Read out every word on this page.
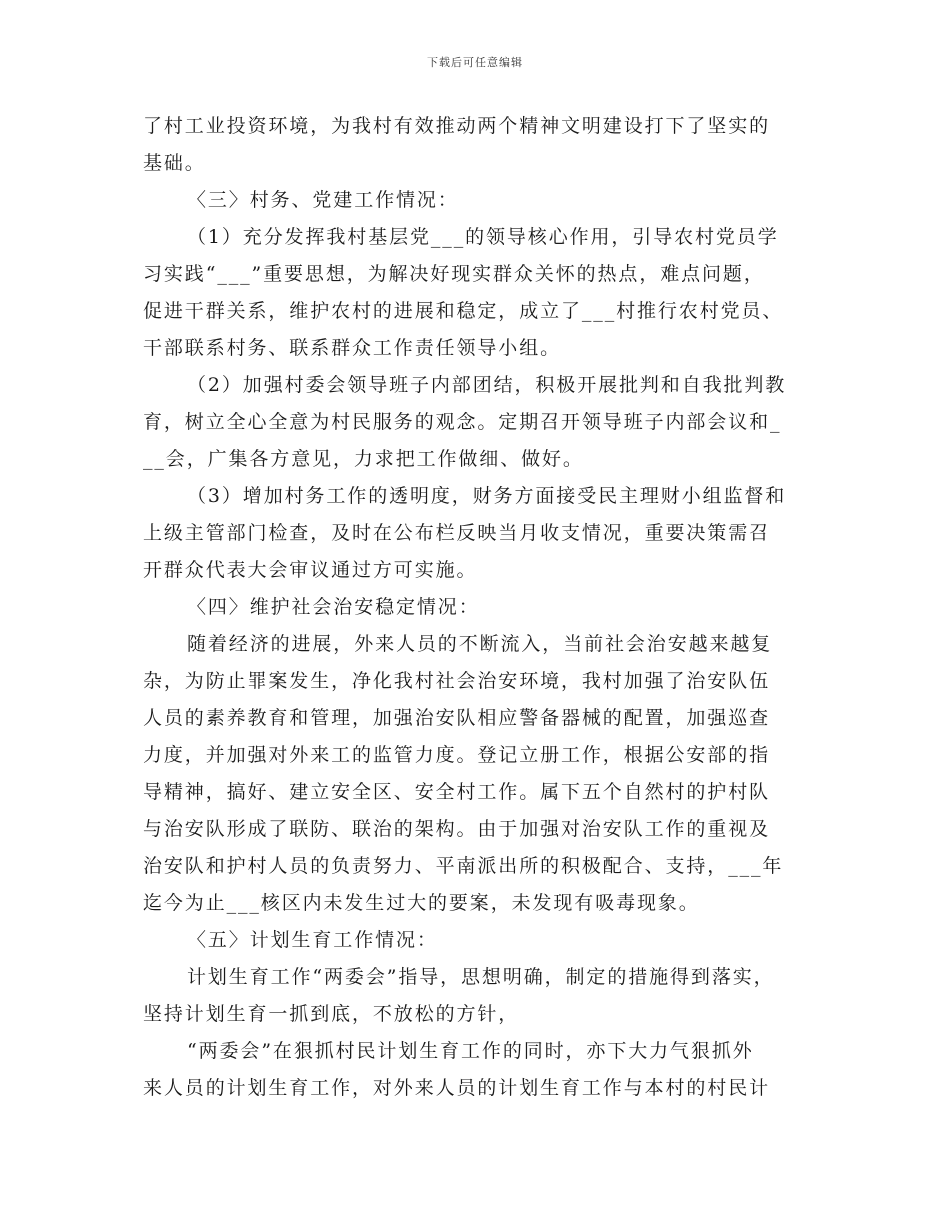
下载后可任意编辑
了村工业投资环境，为我村有效推动两个精神文明建设打下了坚实的
基础。
〈三〉村务、党建工作情况：
（1）充分发挥我村基层党___的领导核心作用，引导农村党员学
习实践“___”重要思想，为解决好现实群众关怀的热点，难点问题，
促进干群关系，维护农村的进展和稳定，成立了___村推行农村党员、
干部联系村务、联系群众工作责任领导小组。
（2）加强村委会领导班子内部团结，积极开展批判和自我批判教
育，树立全心全意为村民服务的观念。定期召开领导班子内部会议和_
__会，广集各方意见，力求把工作做细、做好。
（3）增加村务工作的透明度，财务方面接受民主理财小组监督和
上级主管部门检查，及时在公布栏反映当月收支情况，重要决策需召
开群众代表大会审议通过方可实施。
〈四〉维护社会治安稳定情况：
随着经济的进展，外来人员的不断流入，当前社会治安越来越复
杂，为防止罪案发生，净化我村社会治安环境，我村加强了治安队伍
人员的素养教育和管理，加强治安队相应警备器械的配置，加强巡查
力度，并加强对外来工的监管力度。登记立册工作，根据公安部的指
导精神，搞好、建立安全区、安全村工作。属下五个自然村的护村队
与治安队形成了联防、联治的架构。由于加强对治安队工作的重视及
治安队和护村人员的负责努力、平南派出所的积极配合、支持，___年
迄今为止___核区内未发生过大的要案，未发现有吸毒现象。
〈五〉计划生育工作情况：
计划生育工作“两委会”指导，思想明确，制定的措施得到落实，
坚持计划生育一抓到底，不放松的方针，
“两委会”在狠抓村民计划生育工作的同时，亦下大力气狠抓外
来人员的计划生育工作，对外来人员的计划生育工作与本村的村民计
